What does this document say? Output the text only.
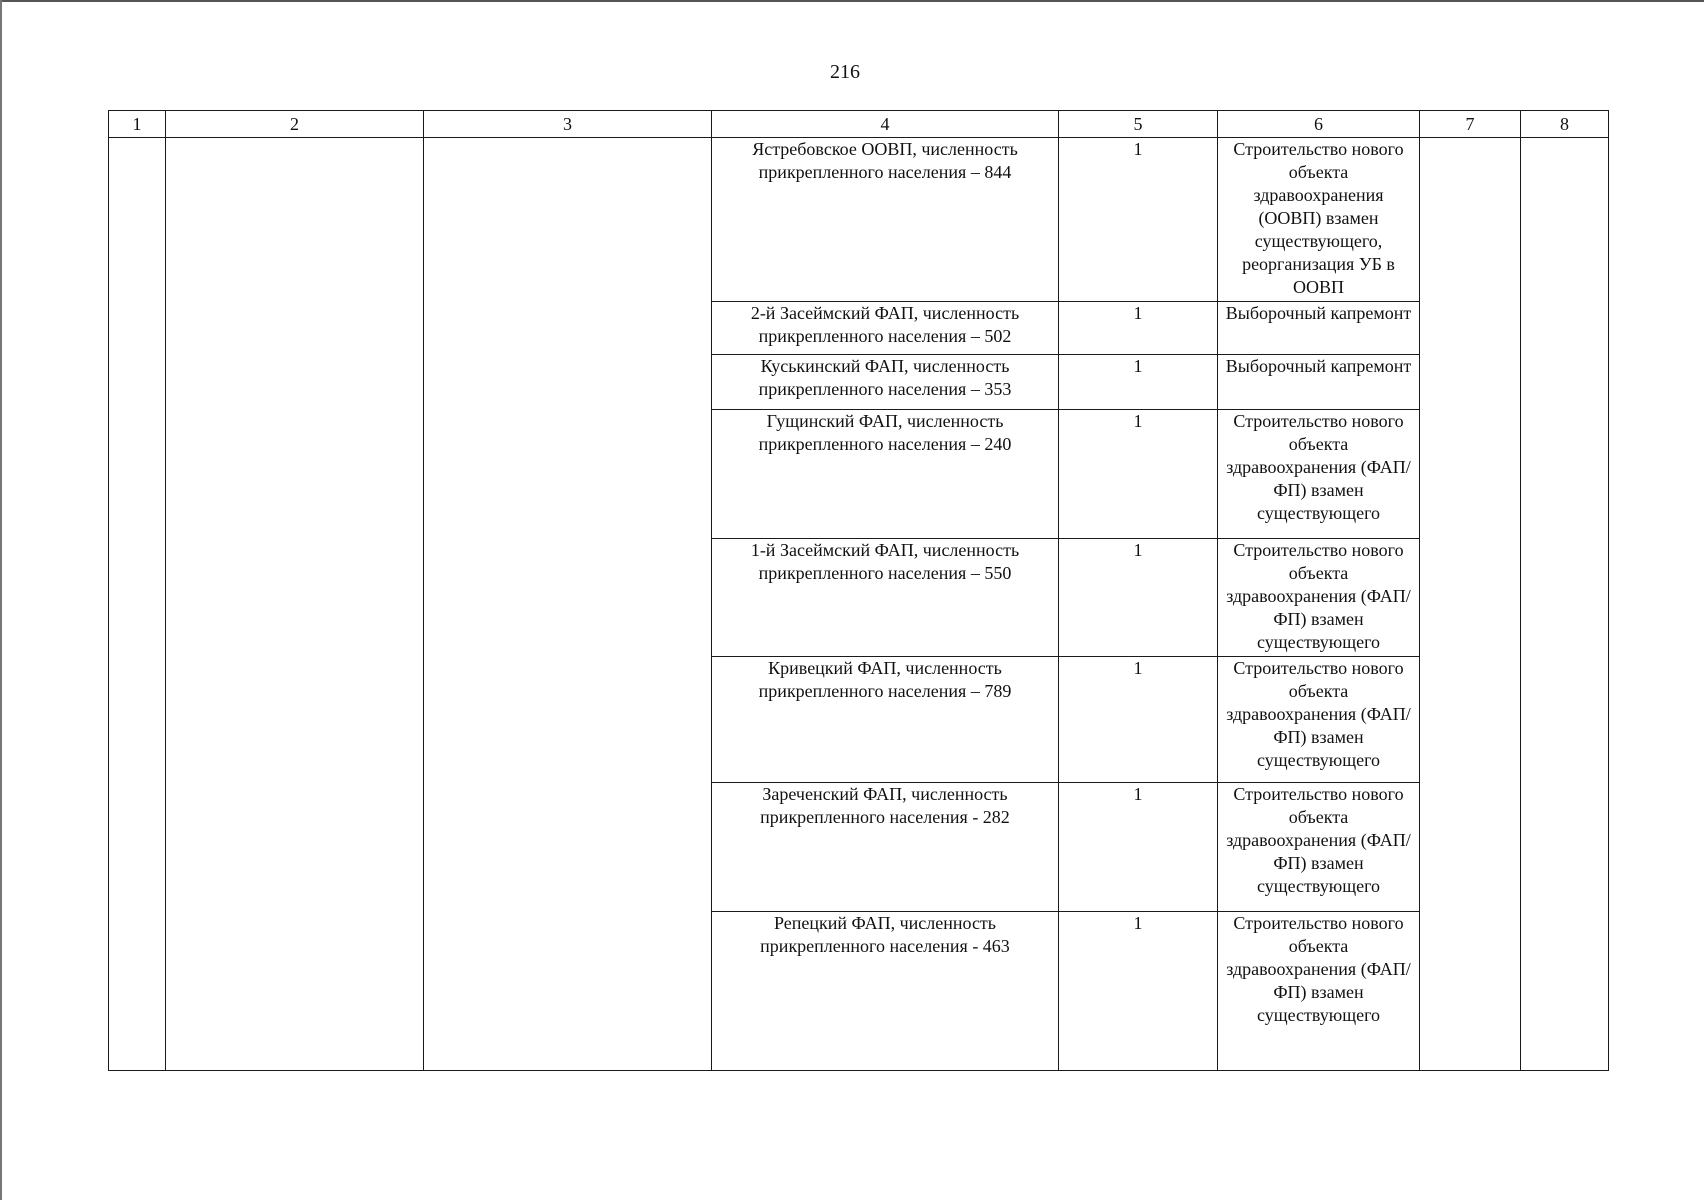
216
1	2	3	4	5	6	7	8
			Ястребовское ООВП, численность прикрепленного населения – 844	1	Строительство нового объекта здравоохранения (ООВП) взамен существующего, реорганизация УБ в ООВП		
			2-й Засеймский ФАП, численность прикрепленного населения – 502	1	Выборочный капремонт		
			Куськинский ФАП, численность прикрепленного населения – 353	1	Выборочный капремонт		
			Гущинский ФАП, численность прикрепленного населения – 240	1	Строительство нового объекта здравоохранения (ФАП/ФП) взамен существующего		
			1-й Засеймский ФАП, численность прикрепленного населения – 550	1	Строительство нового объекта здравоохранения (ФАП/ФП) взамен существующего		
			Кривецкий ФАП, численность прикрепленного населения – 789	1	Строительство нового объекта здравоохранения (ФАП/ФП) взамен существующего		
			Зареченский ФАП, численность прикрепленного населения - 282	1	Строительство нового объекта здравоохранения (ФАП/ФП) взамен существующего		
			Репецкий ФАП, численность прикрепленного населения - 463	1	Строительство нового объекта здравоохранения (ФАП/ФП) взамен существующего		
